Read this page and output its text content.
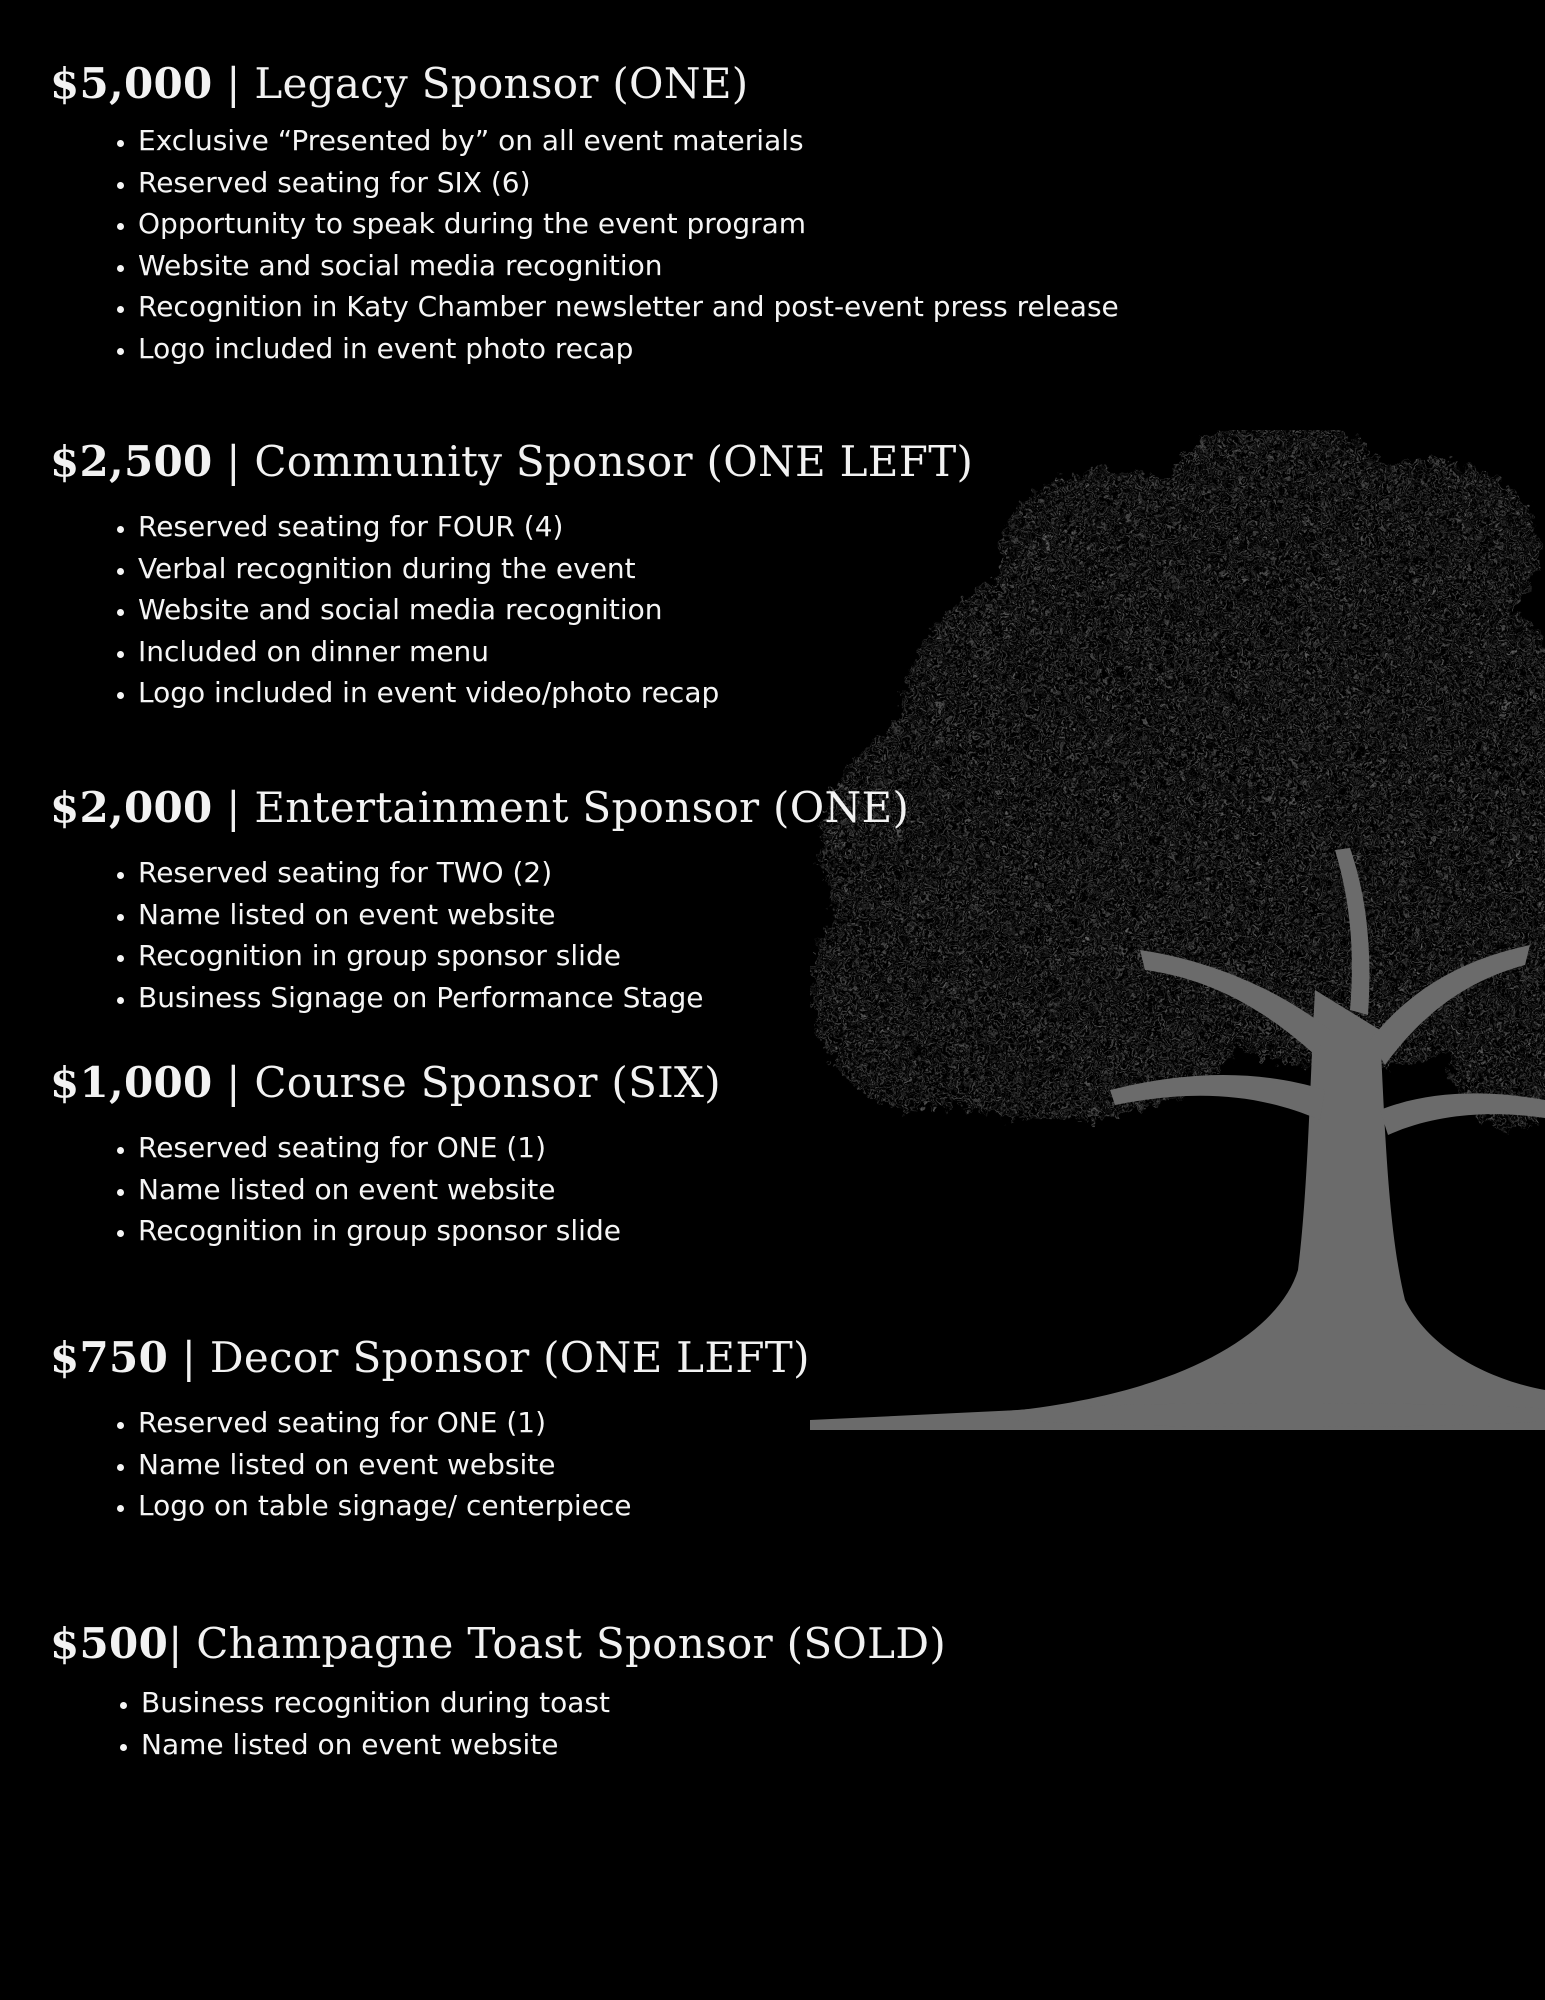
$5,000 | Legacy Sponsor (ONE)
• Exclusive “Presented by” on all event materials
• Reserved seating for SIX (6)
• Opportunity to speak during the event program
• Website and social media recognition
• Recognition in Katy Chamber newsletter and post-event press release
• Logo included in event photo recap
$2,500 | Community Sponsor (ONE LEFT)
• Reserved seating for FOUR (4)
• Verbal recognition during the event
• Website and social media recognition
• Included on dinner menu
• Logo included in event video/photo recap
$2,000 | Entertainment Sponsor (ONE)
• Reserved seating for TWO (2)
• Name listed on event website
• Recognition in group sponsor slide
• Business Signage on Performance Stage
$1,000 | Course Sponsor (SIX)
• Reserved seating for ONE (1)
• Name listed on event website
• Recognition in group sponsor slide
$750 | Decor Sponsor (ONE LEFT)
• Reserved seating for ONE (1)
• Name listed on event website
• Logo on table signage/ centerpiece
$500| Champagne Toast Sponsor (SOLD)
• Business recognition during toast
• Name listed on event website
